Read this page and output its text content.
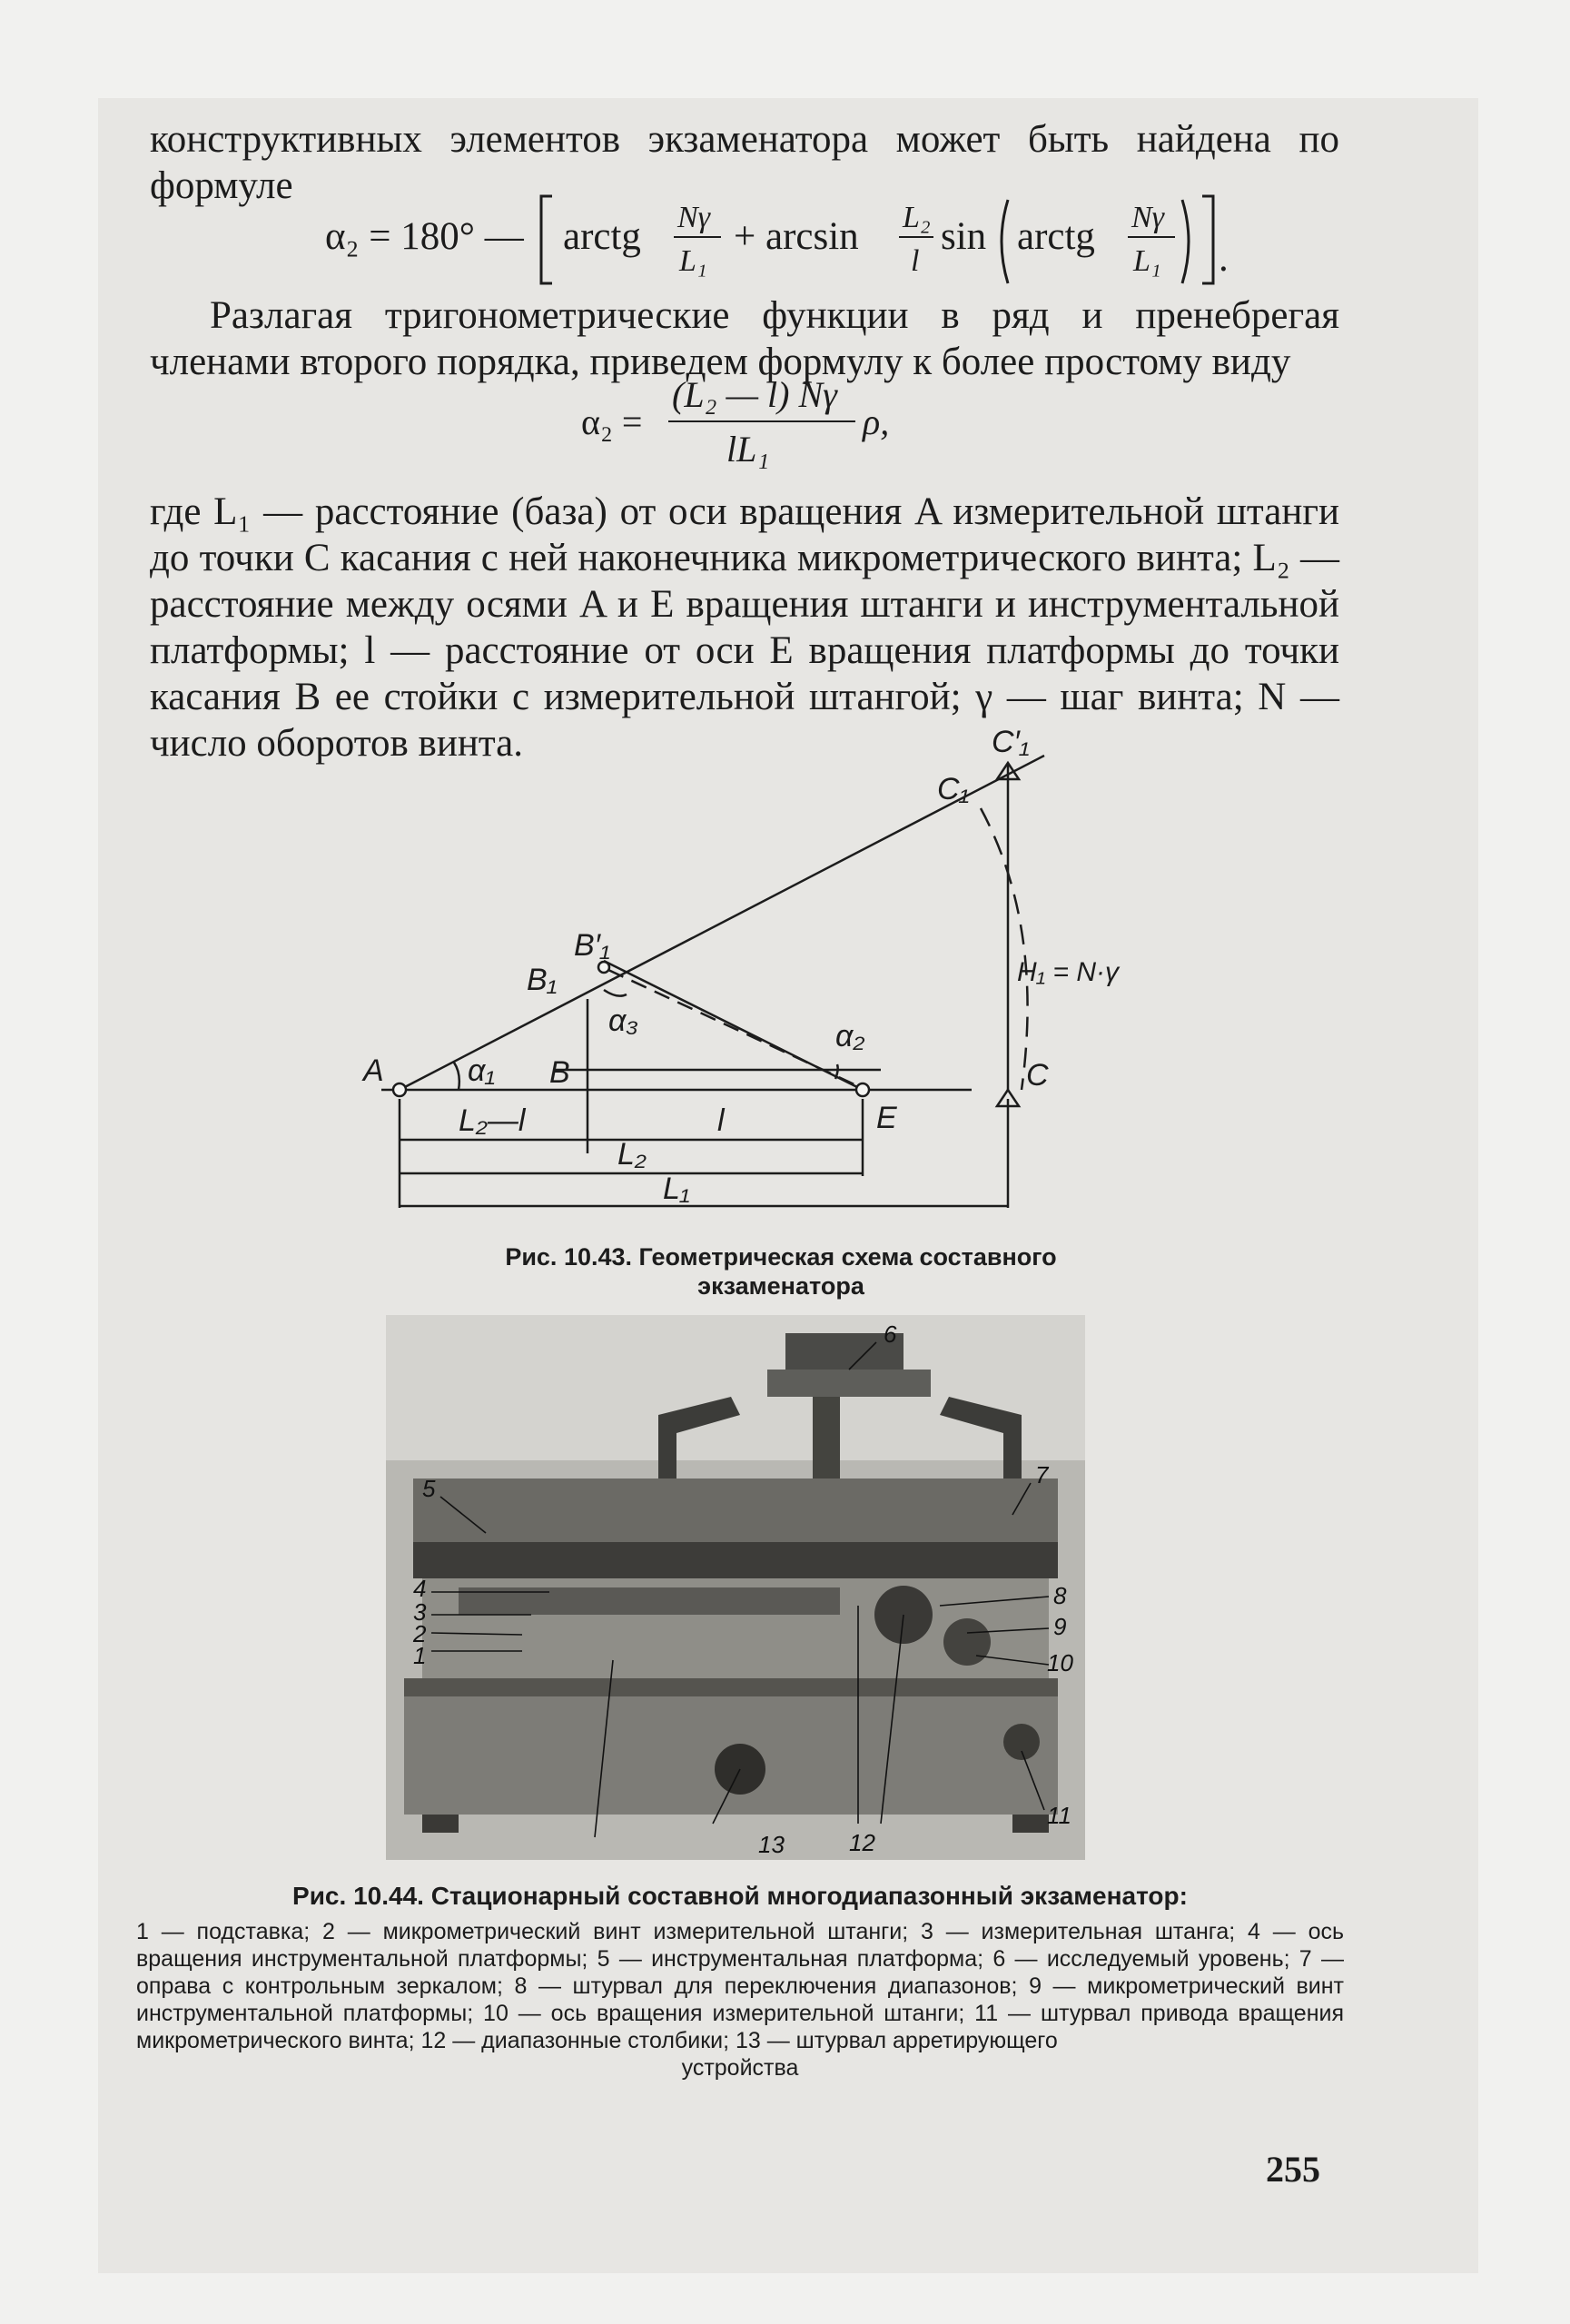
конструктивных элементов экзаменатора может быть найдена по формуле

α₂ = 180° — arctg Nγ
L₁
+ arcsin L₂
l
sin arctg Nγ
L₁ .

Разлагая тригонометрические функции в ряд и пренебрегая членами второго порядка, приведем формулу к более простому виду

α₂ =
(L₂ — l) Nγ
lL₁
ρ,

где L₁ — расстояние (база) от оси вращения A измерительной штанги до точки C касания с ней наконечника микрометрического винта; L₂ — расстояние между осями A и E вращения штанги и инструментальной платформы; l — расстояние от оси E вращения платформы до точки касания B ее стойки с измерительной штангой; γ — шаг винта; N — число оборотов винта.

A	B
B₁
B′₁
C
C₁
C′₁
E
α₁
α₂
α₃
H₁ = N·γ
L₂—l	l
L₂
L₁
Рис. 10.43. Геометрическая схема составного экзаменатора
6
5	7
4
3
2
1
8
9
10
11
12
13
Рис. 10.44. Стационарный составной многодиапазонный экзаменатор:
1 — подставка; 2 — микрометрический винт измерительной штанги; 3 — измерительная штанга; 4 — ось вращения инструментальной платформы; 5 — инструментальная платформа; 6 — исследуемый уровень; 7 — оправа с контрольным зеркалом; 8 — штурвал для переключения диапазонов; 9 — микрометрический винт инструментальной платформы; 10 — ось вращения измерительной штанги; 11 — штурвал привода вращения микрометрического винта; 12 — диапазонные столбики; 13 — штурвал арретирующего
устройства
255
